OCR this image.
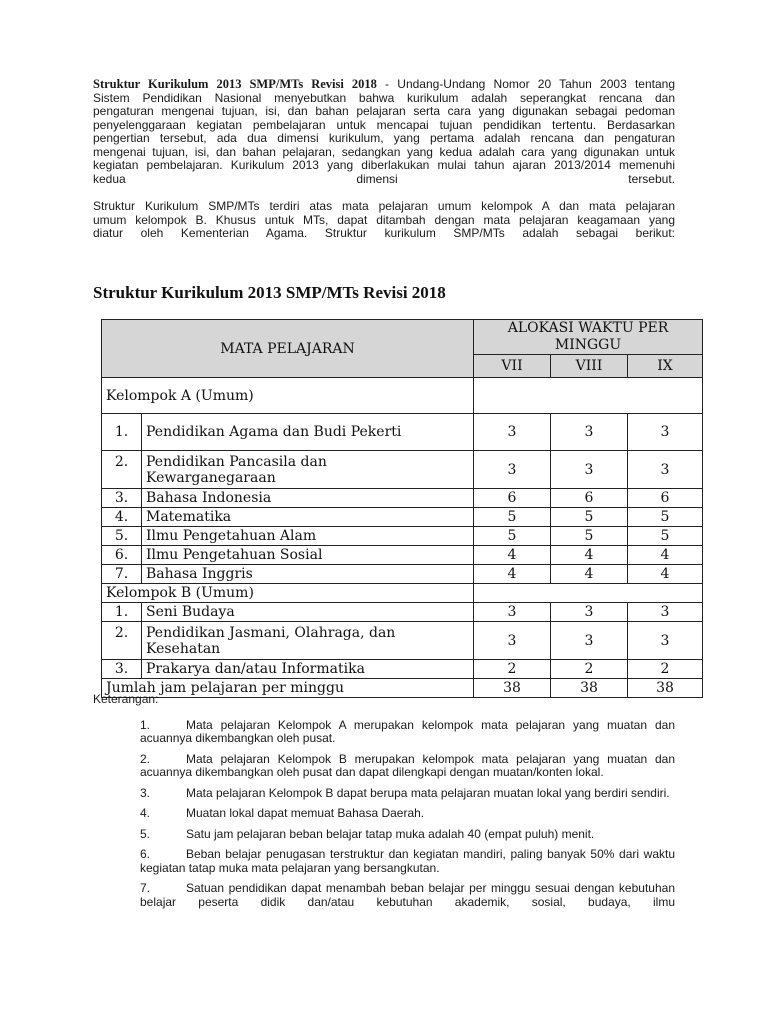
Struktur Kurikulum 2013 SMP/MTs Revisi 2018 - Undang-Undang Nomor 20 Tahun 2003 tentang

Sistem Pendidikan Nasional menyebutkan bahwa kurikulum adalah seperangkat rencana dan

pengaturan mengenai tujuan, isi, dan bahan pelajaran serta cara yang digunakan sebagai pedoman

penyelenggaraan kegiatan pembelajaran untuk mencapai tujuan pendidikan tertentu. Berdasarkan

pengertian tersebut, ada dua dimensi kurikulum, yang pertama adalah rencana dan pengaturan

mengenai tujuan, isi, dan bahan pelajaran, sedangkan yang kedua adalah cara yang digunakan untuk

kegiatan pembelajaran. Kurikulum 2013 yang diberlakukan mulai tahun ajaran 2013/2014 memenuhi

kedua dimensi tersebut.

Struktur Kurikulum SMP/MTs terdiri atas mata pelajaran umum kelompok A dan mata pelajaran

umum kelompok B. Khusus untuk MTs, dapat ditambah dengan mata pelajaran keagamaan yang

diatur oleh Kementerian Agama. Struktur kurikulum SMP/MTs adalah sebagai berikut:

Struktur Kurikulum 2013 SMP/MTs Revisi 2018
MATA PELAJARAN		ALOKASI WAKTU PER MINGGU		
		VII	VIII	IX
Kelompok A (Umum)				
1.	Pendidikan Agama dan Budi Pekerti	3	3	3
2.	Pendidikan Pancasila dan Kewarganegaraan	3	3	3
3.	Bahasa Indonesia	6	6	6
4.	Matematika	5	5	5
5.	Ilmu Pengetahuan Alam	5	5	5
6.	Ilmu Pengetahuan Sosial	4	4	4
7.	Bahasa Inggris	4	4	4
Kelompok B (Umum)				
1.	Seni Budaya	3	3	3
2.	Pendidikan Jasmani, Olahraga, dan Kesehatan	3	3	3
3.	Prakarya dan/atau Informatika	2	2	2
Jumlah jam pelajaran per minggu		38	38	38

Keterangan:

1.	Mata pelajaran Kelompok A merupakan kelompok mata pelajaran yang muatan dan acuannya dikembangkan oleh pusat.
2.	Mata pelajaran Kelompok B merupakan kelompok mata pelajaran yang muatan dan acuannya dikembangkan oleh pusat dan dapat dilengkapi dengan muatan/konten lokal.
3.	Mata pelajaran Kelompok B dapat berupa mata pelajaran muatan lokal yang berdiri sendiri.
4.	Muatan lokal dapat memuat Bahasa Daerah.
5.	Satu jam pelajaran beban belajar tatap muka adalah 40 (empat puluh) menit.
6.	Beban belajar penugasan terstruktur dan kegiatan mandiri, paling banyak 50% dari waktu kegiatan tatap muka mata pelajaran yang bersangkutan.
7.	Satuan pendidikan dapat menambah beban belajar per minggu sesuai dengan kebutuhan belajar peserta didik dan/atau kebutuhan akademik, sosial, budaya, ilmu
